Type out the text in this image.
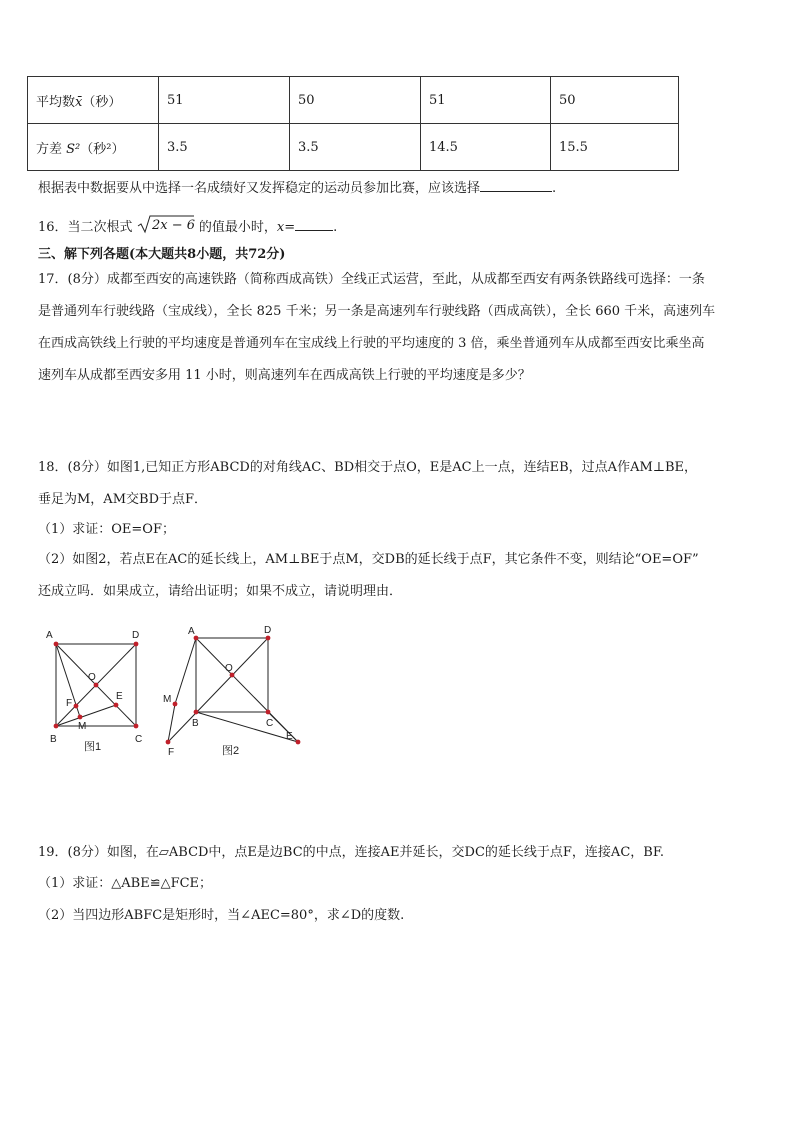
平均数x̄（秒）	51	50	51	50
方差 S²（秒²）	3.5	3.5	14.5	15.5
根据表中数据要从中选择一名成绩好又发挥稳定的运动员参加比赛，应该选择	.
16．当二次根式 2x − 6 的值最小时，x=	.
三、解下列各题(本大题共8小题，共72分)
17．(8分）成都至西安的高速铁路（简称西成高铁）全线正式运营，至此，从成都至西安有两条铁路线可选择：一条
是普通列车行驶线路（宝成线），全长 825 千米；另一条是高速列车行驶线路（西成高铁），全长 660 千米，高速列车
在西成高铁线上行驶的平均速度是普通列车在宝成线上行驶的平均速度的 3 倍，乘坐普通列车从成都至西安比乘坐高
速列车从成都至西安多用 11 小时，则高速列车在西成高铁上行驶的平均速度是多少？
18．(8分）如图1,已知正方形ABCD的对角线AC、BD相交于点O，E是AC上一点，连结EB，过点A作AM⊥BE，
垂足为M，AM交BD于点F．
（1）求证：OE=OF；
（2）如图2，若点E在AC的延长线上，AM⊥BE于点M，交DB的延长线于点F，其它条件不变，则结论“OE=OF”
还成立吗．如果成立，请给出证明；如果不成立，请说明理由．
A	D
O
E
F
M
B	C
图1
A	D
O
M
B	C
E
F	图2
19．(8分）如图，在▱ABCD中，点E是边BC的中点，连接AE并延长，交DC的延长线于点F，连接AC，BF.
（1）求证：△ABE≌△FCE；
（2）当四边形ABFC是矩形时，当∠AEC=80°，求∠D的度数.
